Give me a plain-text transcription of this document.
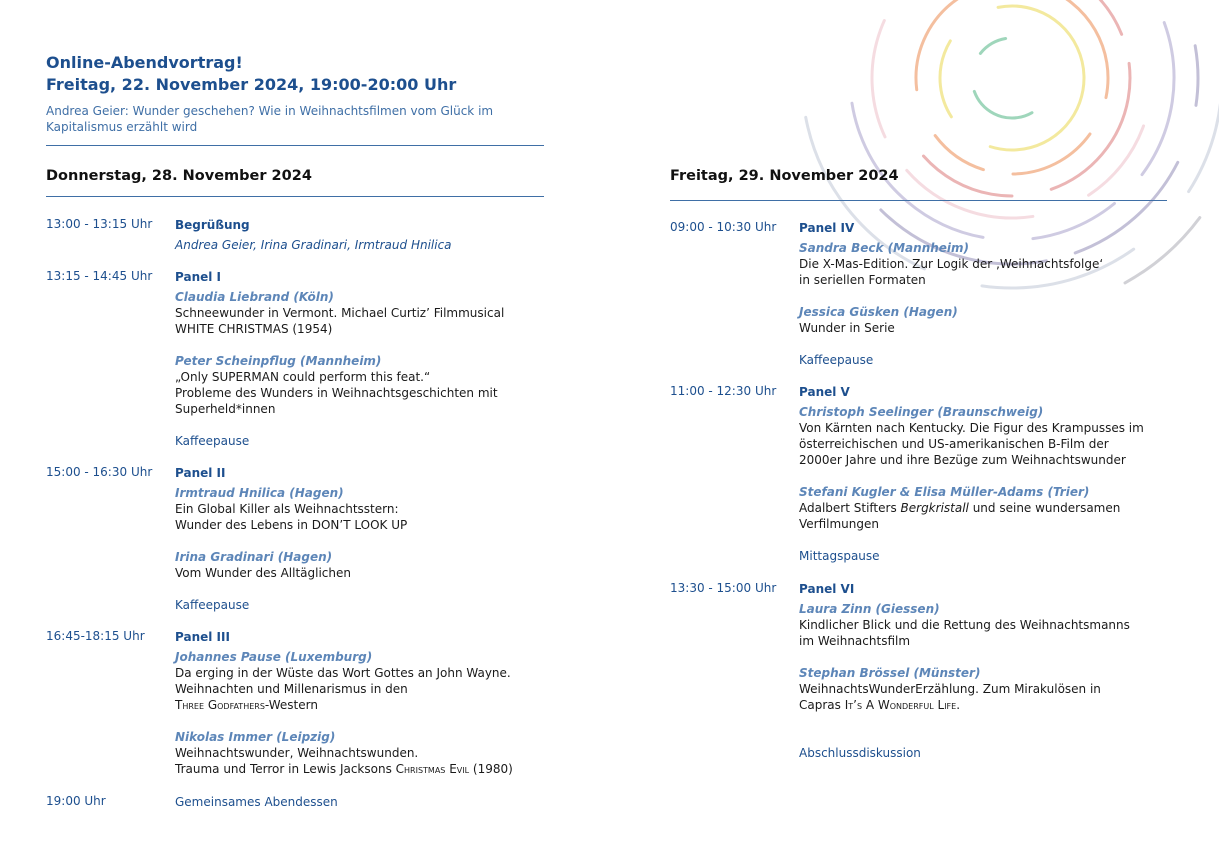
Online-Abendvortrag!
Freitag, 22. November 2024, 19:00-20:00 Uhr
Andrea Geier: Wunder geschehen? Wie in Weihnachtsfilmen vom Glück im Kapitalismus erzählt wird
Donnerstag, 28. November 2024
13:00 - 13:15 Uhr Begrüßung
Andrea Geier, Irina Gradinari, Irmtraud Hnilica
13:15 - 14:45 Uhr Panel I
Claudia Liebrand (Köln)
Schneewunder in Vermont. Michael Curtiz’ Filmmusical
WHITE CHRISTMAS (1954)
Peter Scheinpflug (Mannheim)
„Only SUPERMAN could perform this feat.“
Probleme des Wunders in Weihnachtsgeschichten mit
Superheld*innen
Kaffeepause
15:00 - 16:30 Uhr Panel II
Irmtraud Hnilica (Hagen)
Ein Global Killer als Weihnachtsstern:
Wunder des Lebens in DON’T LOOK UP
Irina Gradinari (Hagen)
Vom Wunder des Alltäglichen
Kaffeepause
16:45-18:15 Uhr	Panel III
Johannes Pause (Luxemburg)
Da erging in der Wüste das Wort Gottes an John Wayne.
Weihnachten und Millenarismus in den
Three Godfathers-Western
Nikolas Immer (Leipzig)
Weihnachtswunder, Weihnachtswunden.
Trauma und Terror in Lewis Jacksons Christmas Evil (1980)
19:00 Uhr	Gemeinsames Abendessen
Freitag, 29. November 2024
09:00 - 10:30 Uhr Panel IV
Sandra Beck (Mannheim)
Die X-Mas-Edition. Zur Logik der ‚Weihnachtsfolge‘
in seriellen Formaten
Jessica Güsken (Hagen)
Wunder in Serie
Kaffeepause
11:00 - 12:30 Uhr Panel V
Christoph Seelinger (Braunschweig)
Von Kärnten nach Kentucky. Die Figur des Krampusses im
österreichischen und US-amerikanischen B-Film der
2000er Jahre und ihre Bezüge zum Weihnachtswunder
Stefani Kugler & Elisa Müller-Adams (Trier)
Adalbert Stifters Bergkristall und seine wundersamen
Verfilmungen
Mittagspause
13:30 - 15:00 Uhr Panel VI
Laura Zinn (Giessen)
Kindlicher Blick und die Rettung des Weihnachtsmanns
im Weihnachtsfilm
Stephan Brössel (Münster)
WeihnachtsWunderErzählung. Zum Mirakulösen in
Capras It’s A Wonderful Life.
Abschlussdiskussion
